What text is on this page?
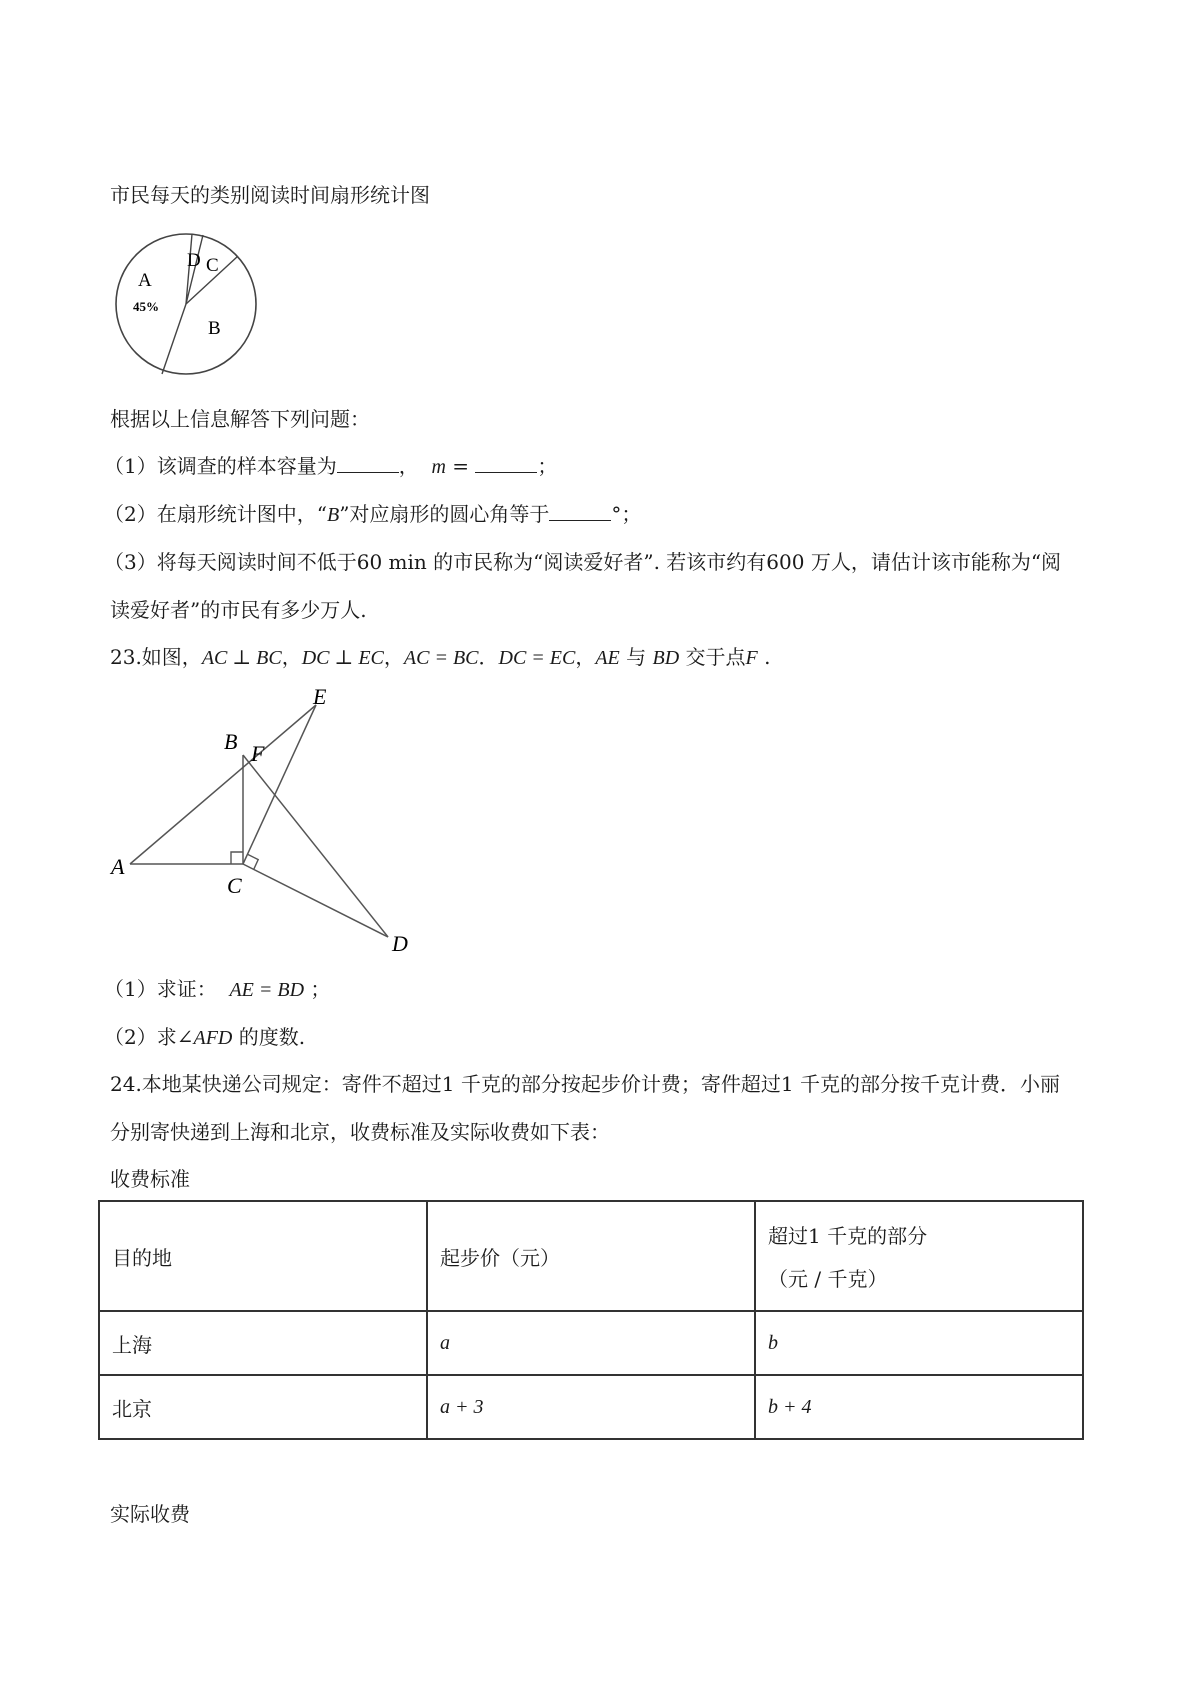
市民每天的类别阅读时间扇形统计图
A
45%
B
C
D
根据以上信息解答下列问题：
（1）该调查的样本容量为	， m =	；
（2）在扇形统计图中，“B”对应扇形的圆心角等于	°；
（3）将每天阅读时间不低于60 min 的市民称为“阅读爱好者”. 若该市约有600 万人，请估计该市能称为“阅
读爱好者”的市民有多少万人.
23.如图，AC ⊥ BC，DC ⊥ EC，AC = BC．DC = EC，AE 与 BD 交于点F .
A
B
C
D
E
F
（1）求证： AE = BD ；
（2）求∠AFD 的度数.
24.本地某快递公司规定：寄件不超过1 千克的部分按起步价计费；寄件超过1 千克的部分按千克计费．小丽
分别寄快递到上海和北京，收费标准及实际收费如下表：
收费标准
目的地	起步价（元）	超过1 千克的部分
（元 / 千克）

上海	a	b
北京	a + 3	b + 4
实际收费
